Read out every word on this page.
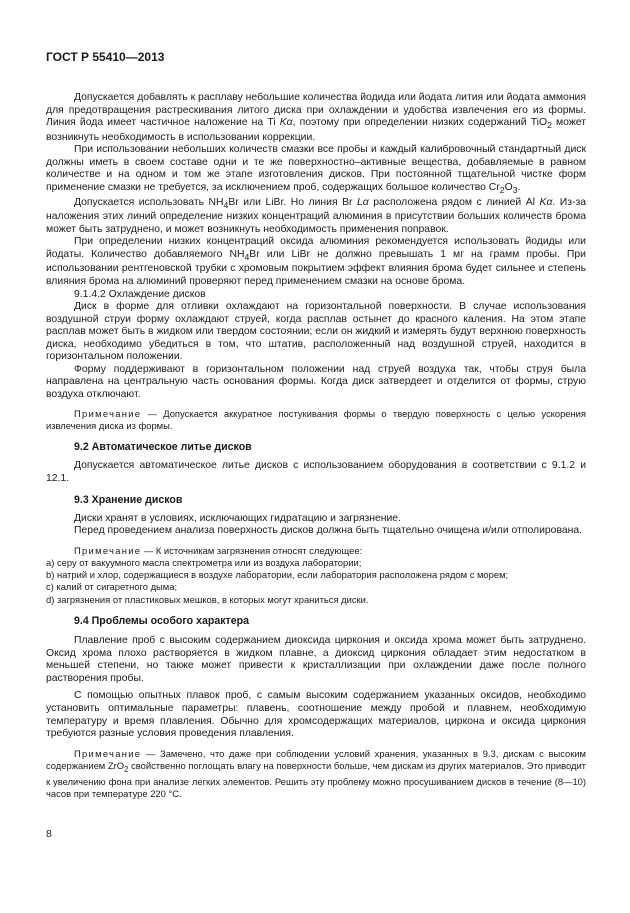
ГОСТ Р 55410—2013

Допускается добавлять к расплаву небольшие количества йодида или йодата лития или йодата аммония для предотвращения растрескивания литого диска при охлаждении и удобства извлечения его из формы. Линия йода имеет частичное наложение на Ti Kα, поэтому при определении низких содержаний TiO$_2$ может возникнуть необходимость в использовании коррекции.

При использовании небольших количеств смазки все пробы и каждый калибровочный стандартный диск должны иметь в своем составе одни и те же поверхностно–активные вещества, добавляемые в равном количестве и на одном и том же этапе изготовления дисков. При постоянной тщательной чистке форм применение смазки не требуется, за исключением проб, содержащих большое количество $Cr_2O_3$.

Допускается использовать $NH_4Br$ или LiBr. Но линия Br Lα расположена рядом с линией Al Kα. Из-за наложения этих линий определение низких концентраций алюминия в присутствии больших количеств брома может быть затруднено, и может возникнуть необходимость применения поправок.

При определении низких концентраций оксида алюминия рекомендуется использовать йодиды или йодаты. Количество добавляемого $NH_4Br$ или LiBr не должно превышать 1 мг на грамм пробы. При использовании рентгеновской трубки с хромовым покрытием эффект влияния брома будет сильнее и степень влияния брома на алюминий проверяют перед применением смазки на основе брома.

9.1.4.2 Охлаждение дисков

Диск в форме для отливки охлаждают на горизонтальной поверхности. В случае использования воздушной струи форму охлаждают струей, когда расплав остынет до красного каления. На этом этапе расплав может быть в жидком или твердом состоянии; если он жидкий и измерять будут верхнюю поверхность диска, необходимо убедиться в том, что штатив, расположенный над воздушной струей, находится в горизонтальном положении.

Форму поддерживают в горизонтальном положении над струей воздуха так, чтобы струя была направлена на центральную часть основания формы. Когда диск затвердеет и отделится от формы, струю воздуха отключают.

Примечание — Допускается аккуратное постукивания формы о твердую поверхность с целью ускорения извлечения диска из формы.

9.2 Автоматическое литье дисков

Допускается автоматическое литье дисков с использованием оборудования в соответствии с 9.1.2 и 12.1.

9.3 Хранение дисков

Диски хранят в условиях, исключающих гидратацию и загрязнение.

Перед проведением анализа поверхность дисков должна быть тщательно очищена и/или отполирована.

Примечание — К источникам загрязнения относят следующее:

а) серу от вакуумного масла спектрометра или из воздуха лаборатории;
b) натрий и хлор, содержащиеся в воздухе лаборатории, если лаборатория расположена рядом с морем;
с) калий от сигаретного дыма;
d) загрязнения от пластиковых мешков, в которых могут храниться диски.
9.4 Проблемы особого характера

Плавление проб с высоким содержанием диоксида циркония и оксида хрома может быть затруднено. Оксид хрома плохо растворяется в жидком плавне, а диоксид циркония обладает этим недостатком в меньшей степени, но также может привести к кристаллизации при охлаждении даже после полного растворения пробы.

С помощью опытных плавок проб, с самым высоким содержанием указанных оксидов, необходимо установить оптимальные параметры: плавень, соотношение между пробой и плавнем, необходимую температуру и время плавления. Обычно для хромсодержащих материалов, циркона и оксида циркония требуются разные условия проведения плавления.

Примечание — Замечено, что даже при соблюдении условий хранения, указанных в 9.3, дискам с высоким содержанием ZrO$_2$ свойственно поглощать влагу на поверхности больше, чем дискам из других материалов. Это приводит к увеличению фона при анализе легких элементов. Решить эту проблему можно просушиванием дисков в течение (8—10) часов при температуре 220 °С.

8
